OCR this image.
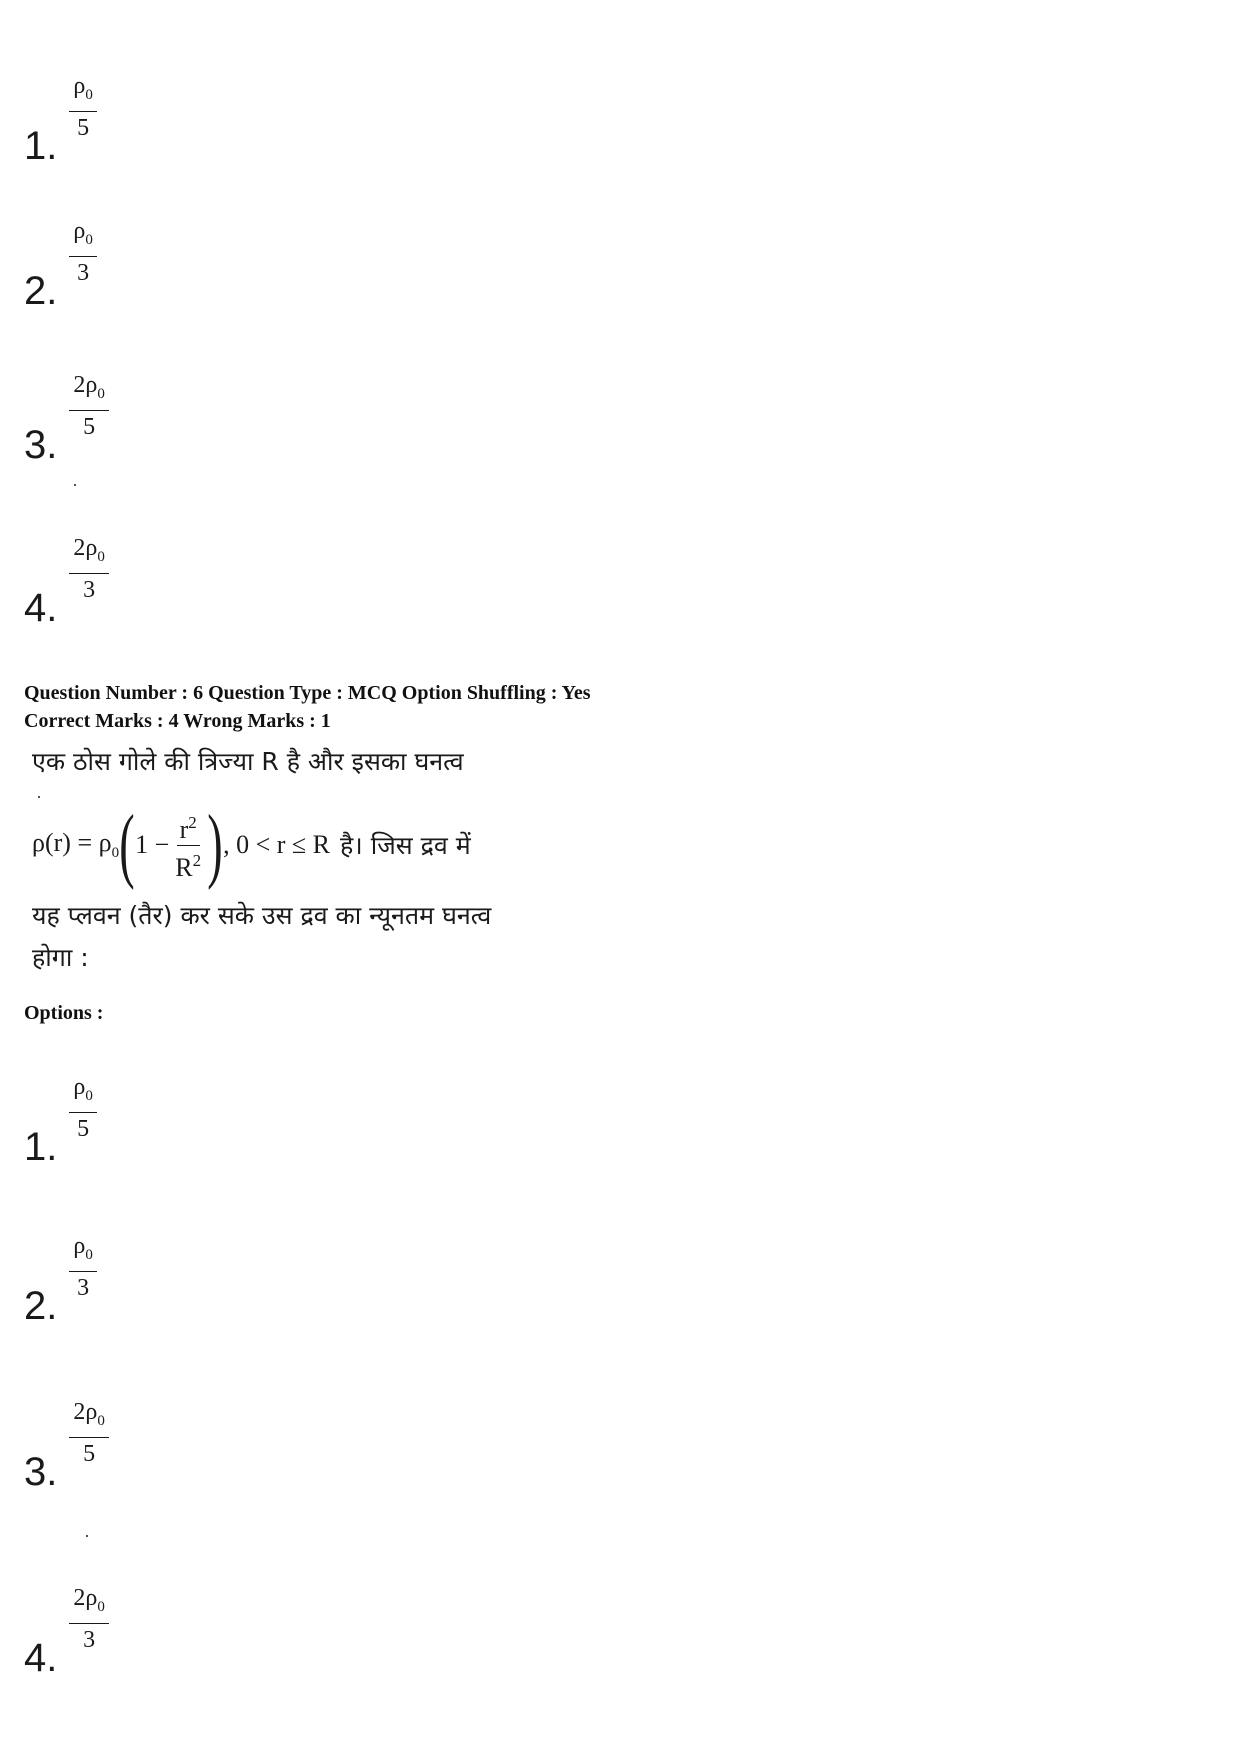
1.
$\frac{\rho_0}{5}$
2.
$\frac{\rho_0}{3}$
3.
$\frac{2\rho_0}{5}$
4.
$\frac{2\rho_0}{3}$
Question Number : 6 Question Type : MCQ Option Shuffling : Yes
Correct Marks : 4 Wrong Marks : 1
एक ठोस गोले की त्रिज्या R है और इसका घनत्व
$\rho(r) = \rho_0$ ( $1 - \frac{r^2}{R^2}$ ) , 0 < r ≤ R है। जिस द्रव में
यह प्लवन (तैर) कर सके उस द्रव का न्यूनतम घनत्व
होगा :
Options :
1.
$\frac{\rho_0}{5}$
2.
$\frac{\rho_0}{3}$
3.
$\frac{2\rho_0}{5}$
4.
$\frac{2\rho_0}{3}$
